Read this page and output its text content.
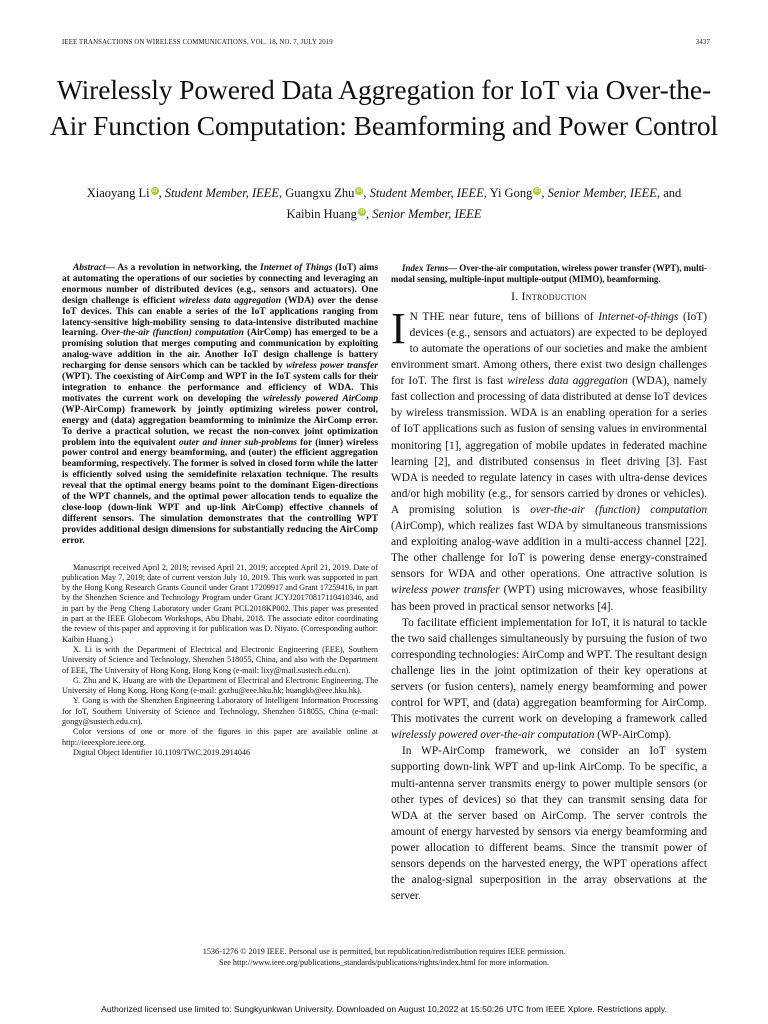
IEEE TRANSACTIONS ON WIRELESS COMMUNICATIONS, VOL. 18, NO. 7, JULY 2019	3437
Wirelessly Powered Data Aggregation for IoT via Over-the-Air Function Computation: Beamforming and Power Control
Xiaoyang Li iD, Student Member, IEEE, Guangxu Zhu iD, Student Member, IEEE, Yi Gong iD, Senior Member, IEEE, and Kaibin Huang iD, Senior Member, IEEE

Abstract— As a revolution in networking, the Internet of Things (IoT) aims at automating the operations of our societies by connecting and leveraging an enormous number of distributed devices (e.g., sensors and actuators). One design challenge is efficient wireless data aggregation (WDA) over the dense IoT devices. This can enable a series of the IoT applications ranging from latency-sensitive high-mobility sensing to data-intensive distributed machine learning. Over-the-air (function) computation (AirComp) has emerged to be a promising solution that merges computing and communication by exploiting analog-wave addition in the air. Another IoT design challenge is battery recharging for dense sensors which can be tackled by wireless power transfer (WPT). The coexisting of AirComp and WPT in the IoT system calls for their integration to enhance the performance and efficiency of WDA. This motivates the current work on developing the wirelessly powered AirComp (WP-AirComp) framework by jointly optimizing wireless power control, energy and (data) aggregation beamforming to minimize the AirComp error. To derive a practical solution, we recast the non-convex joint optimization problem into the equivalent outer and inner sub-problems for (inner) wireless power control and energy beamforming, and (outer) the efficient aggregation beamforming, respectively. The former is solved in closed form while the latter is efficiently solved using the semidefinite relaxation technique. The results reveal that the optimal energy beams point to the dominant Eigen-directions of the WPT channels, and the optimal power allocation tends to equalize the close-loop (down-link WPT and up-link AirComp) effective channels of different sensors. The simulation demonstrates that the controlling WPT provides additional design dimensions for substantially reducing the AirComp error.

Manuscript received April 2, 2019; revised April 21, 2019; accepted April 21, 2019. Date of publication May 7, 2019; date of current version July 10, 2019. This work was supported in part by the Hong Kong Research Grants Council under Grant 17209917 and Grant 17259416, in part by the Shenzhen Science and Technology Program under Grant JCYJ20170817110410346, and in part by the Peng Cheng Laboratory under Grant PCL2018KP002. This paper was presented in part at the IEEE Globecom Workshops, Abu Dhabi, 2018. The associate editor coordinating the review of this paper and approving it for publication was D. Niyato. (Corresponding author: Kaibin Huang.)

X. Li is with the Department of Electrical and Electronic Engineering (EEE), Southern University of Science and Technology, Shenzhen 518055, China, and also with the Department of EEE, The University of Hong Kong, Hong Kong (e-mail: lixy@mail.sustech.edu.cn).

G. Zhu and K. Huang are with the Department of Electrical and Electronic Engineering, The University of Hong Kong, Hong Kong (e-mail: gxzhu@eee.hku.hk; huangkb@eee.hku.hk).

Y. Gong is with the Shenzhen Engineering Laboratory of Intelligent Information Processing for IoT, Southern University of Science and Technology, Shenzhen 518055, China (e-mail: gongy@sustech.edu.cn).

Color versions of one or more of the figures in this paper are available online at http://ieeexplore.ieee.org.

Digital Object Identifier 10.1109/TWC.2019.2914046

Index Terms— Over-the-air computation, wireless power transfer (WPT), multi-modal sensing, multiple-input multiple-output (MIMO), beamforming.

I. Introduction

I N THE near future, tens of billions of Internet-of-things (IoT) devices (e.g., sensors and actuators) are expected to be deployed to automate the operations of our societies and make the ambient environment smart. Among others, there exist two design challenges for IoT. The first is fast wireless data aggregation (WDA), namely fast collection and processing of data distributed at dense IoT devices by wireless transmission. WDA is an enabling operation for a series of IoT applications such as fusion of sensing values in environmental monitoring [1], aggregation of mobile updates in federated machine learning [2], and distributed consensus in fleet driving [3]. Fast WDA is needed to regulate latency in cases with ultra-dense devices and/or high mobility (e.g., for sensors carried by drones or vehicles). A promising solution is over-the-air (function) computation (AirComp), which realizes fast WDA by simultaneous transmissions and exploiting analog-wave addition in a multi-access channel [22]. The other challenge for IoT is powering dense energy-constrained sensors for WDA and other operations. One attractive solution is wireless power transfer (WPT) using microwaves, whose feasibility has been proved in practical sensor networks [4].

To facilitate efficient implementation for IoT, it is natural to tackle the two said challenges simultaneously by pursuing the fusion of two corresponding technologies: AirComp and WPT. The resultant design challenge lies in the joint optimization of their key operations at servers (or fusion centers), namely energy beamforming and power control for WPT, and (data) aggregation beamforming for AirComp. This motivates the current work on developing a framework called wirelessly powered over-the-air computation (WP-AirComp).

In WP-AirComp framework, we consider an IoT system supporting down-link WPT and up-link AirComp. To be specific, a multi-antenna server transmits energy to power multiple sensors (or other types of devices) so that they can transmit sensing data for WDA at the server based on AirComp. The server controls the amount of energy harvested by sensors via energy beamforming and power allocation to different beams. Since the transmit power of sensors depends on the harvested energy, the WPT operations affect the analog-signal superposition in the array observations at the server.

1536-1276 © 2019 IEEE. Personal use is permitted, but republication/redistribution requires IEEE permission.
See http://www.ieee.org/publications_standards/publications/rights/index.html for more information.
Authorized licensed use limited to: Sungkyunkwan University. Downloaded on August 10,2022 at 15:50:26 UTC from IEEE Xplore. Restrictions apply.
